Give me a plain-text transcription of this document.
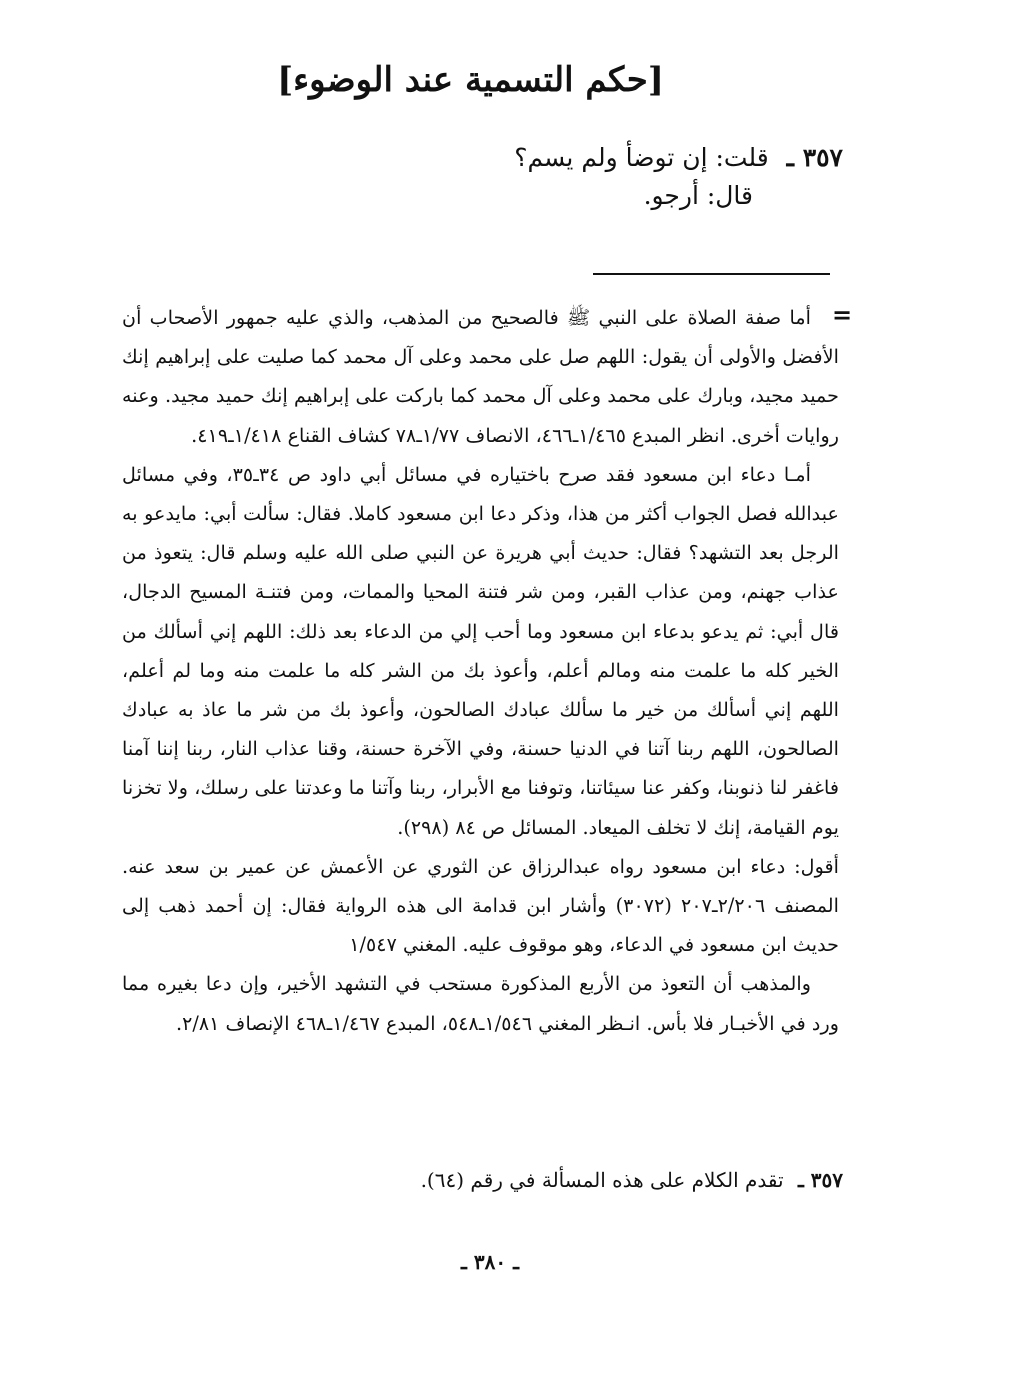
[حكم التسمية عند الوضوء]
٣٥٧ ـ قلت: إن توضأ ولم يسم؟
قال: أرجو.
=

أما صفة الصلاة على النبي ﷺ فالصحيح من المذهب، والذي عليه جمهور الأصحاب أن الأفضل والأولى أن يقول: اللهم صل على محمد وعلى آل محمد كما صليت على إبراهيم إنك حميد مجيد، وبارك على محمد وعلى آل محمد كما باركت على إبراهيم إنك حميد مجيد. وعنه روايات أخرى. انظر المبدع ١/٤٦٥ـ٤٦٦، الانصاف ١/٧٧ـ٧٨ كشاف القناع ١/٤١٨ـ٤١٩.

أمـا دعاء ابن مسعود فقد صرح باختياره في مسائل أبي داود ص ٣٤ـ٣٥، وفي مسائل عبدالله فصل الجواب أكثر من هذا، وذكر دعا ابن مسعود كاملا. فقال: سألت أبي: مايدعو به الرجل بعد التشهد؟ فقال: حديث أبي هريرة عن النبي صلى الله عليه وسلم قال: يتعوذ من عذاب جهنم، ومن عذاب القبر، ومن شر فتنة المحيا والممات، ومن فتنـة المسيح الدجال، قال أبي: ثم يدعو بدعاء ابن مسعود وما أحب إلي من الدعاء بعد ذلك: اللهم إني أسألك من الخير كله ما علمت منه ومالم أعلم، وأعوذ بك من الشر كله ما علمت منه وما لم أعلم، اللهم إني أسألك من خير ما سألك عبادك الصالحون، وأعوذ بك من شر ما عاذ به عبادك الصالحون، اللهم ربنا آتنا في الدنيا حسنة، وفي الآخرة حسنة، وقنا عذاب النار، ربنا إننا آمنا فاغفر لنا ذنوبنا، وكفر عنا سيئاتنا، وتوفنا مع الأبرار، ربنا وآتنا ما وعدتنا على رسلك، ولا تخزنا يوم القيامة، إنك لا تخلف الميعاد. المسائل ص ٨٤ (٢٩٨).

أقول: دعاء ابن مسعود رواه عبدالرزاق عن الثوري عن الأعمش عن عمير بن سعد عنه. المصنف ٢/٢٠٦ـ٢٠٧ (٣٠٧٢) وأشار ابن قدامة الى هذه الرواية فقال: إن أحمد ذهب إلى حديث ابن مسعود في الدعاء، وهو موقوف عليه. المغني ١/٥٤٧

والمذهب أن التعوذ من الأربع المذكورة مستحب في التشهد الأخير، وإن دعا بغيره مما ورد في الأخبـار فلا بأس. انـظر المغني ١/٥٤٦ـ٥٤٨، المبدع ١/٤٦٧ـ٤٦٨ الإنصاف ٢/٨١.

٣٥٧ ـ تقدم الكلام على هذه المسألة في رقم (٦٤).
ـ ٣٨٠ ـ
